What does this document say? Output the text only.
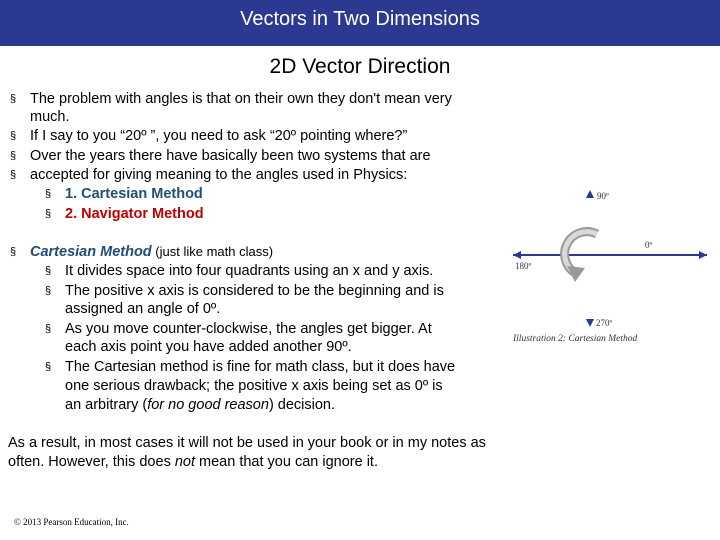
Vectors in Two Dimensions
2D Vector Direction
§ The problem with angles is that on their own they don't mean very
much.
§ If I say to you “20º ”, you need to ask “20º pointing where?”
§ Over the years there have basically been two systems that are
§ accepted for giving meaning to the angles used in Physics:
§ 1. Cartesian Method
§ 2. Navigator Method
§ Cartesian Method (just like math class)
§ It divides space into four quadrants using an x and y axis.
§ The positive x axis is considered to be the beginning and is
assigned an angle of 0º.
§ As you move counter-clockwise, the angles get bigger. At
each axis point you have added another 90º.
§ The Cartesian method is fine for math class, but it does have
one serious drawback; the positive x axis being set as 0º is
an arbitrary (for no good reason) decision.
As a result, in most cases it will not be used in your book or in my notes as often. However, this does not mean that you can ignore it.
© 2013 Pearson Education, Inc.
90º
0º
180º
270º
Illustration 2: Cartesian Method
